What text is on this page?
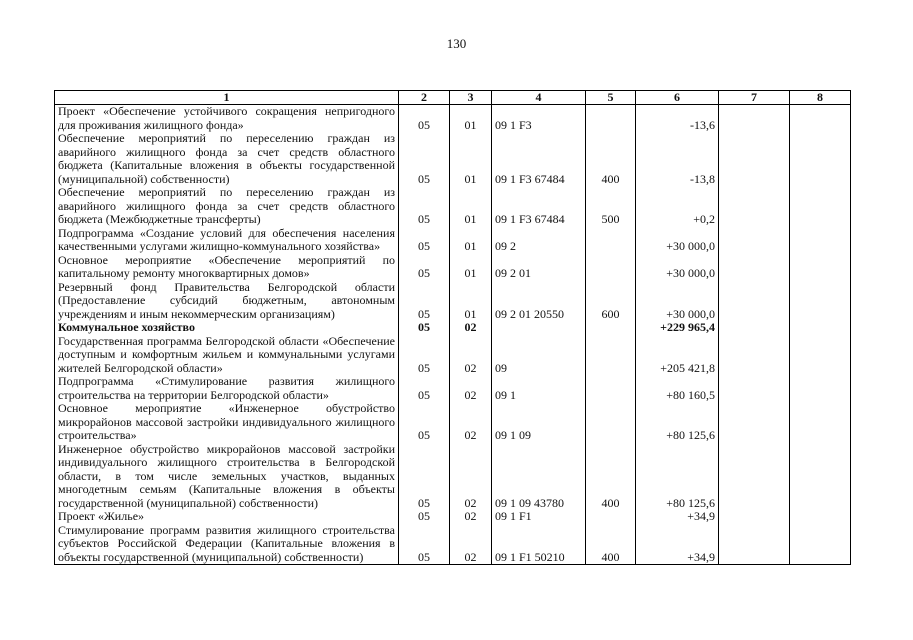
130
1	2	3	4	5	6	7	8
Проект «Обеспечение устойчивого сокращения непригодного для проживания жилищного фонда»	05	01	09 1 F3		-13,6		
Обеспечение мероприятий по переселению граждан из аварийного жилищного фонда за счет средств областного бюджета (Капитальные вложения в объекты государственной (муниципальной) собственности)	05	01	09 1 F3 67484	400	-13,8		
Обеспечение мероприятий по переселению граждан из аварийного жилищного фонда за счет средств областного бюджета (Межбюджетные трансферты)	05	01	09 1 F3 67484	500	+0,2		
Подпрограмма «Создание условий для обеспечения населения качественными услугами жилищно-коммунального хозяйства»	05	01	09 2		+30 000,0		
Основное мероприятие «Обеспечение мероприятий по капитальному ремонту многоквартирных домов»	05	01	09 2 01		+30 000,0		
Резервный фонд Правительства Белгородской области (Предоставление субсидий бюджетным, автономным учреждениям и иным некоммерческим организациям)	05	01	09 2 01 20550	600	+30 000,0		
Коммунальное хозяйство	05	02			+229 965,4		
Государственная программа Белгородской области «Обеспечение доступным и комфортным жильем и коммунальными услугами жителей Белгородской области»	05	02	09		+205 421,8		
Подпрограмма «Стимулирование развития жилищного строительства на территории Белгородской области»	05	02	09 1		+80 160,5		
Основное мероприятие «Инженерное обустройство микрорайонов массовой застройки индивидуального жилищного строительства»	05	02	09 1 09		+80 125,6		
Инженерное обустройство микрорайонов массовой застройки индивидуального жилищного строительства в Белгородской области, в том числе земельных участков, выданных многодетным семьям (Капитальные вложения в объекты государственной (муниципальной) собственности)	05	02	09 1 09 43780	400	+80 125,6		
Проект «Жилье»	05	02	09 1 F1		+34,9		
Стимулирование программ развития жилищного строительства субъектов Российской Федерации (Капитальные вложения в объекты государственной (муниципальной) собственности)	05	02	09 1 F1 50210	400	+34,9		
